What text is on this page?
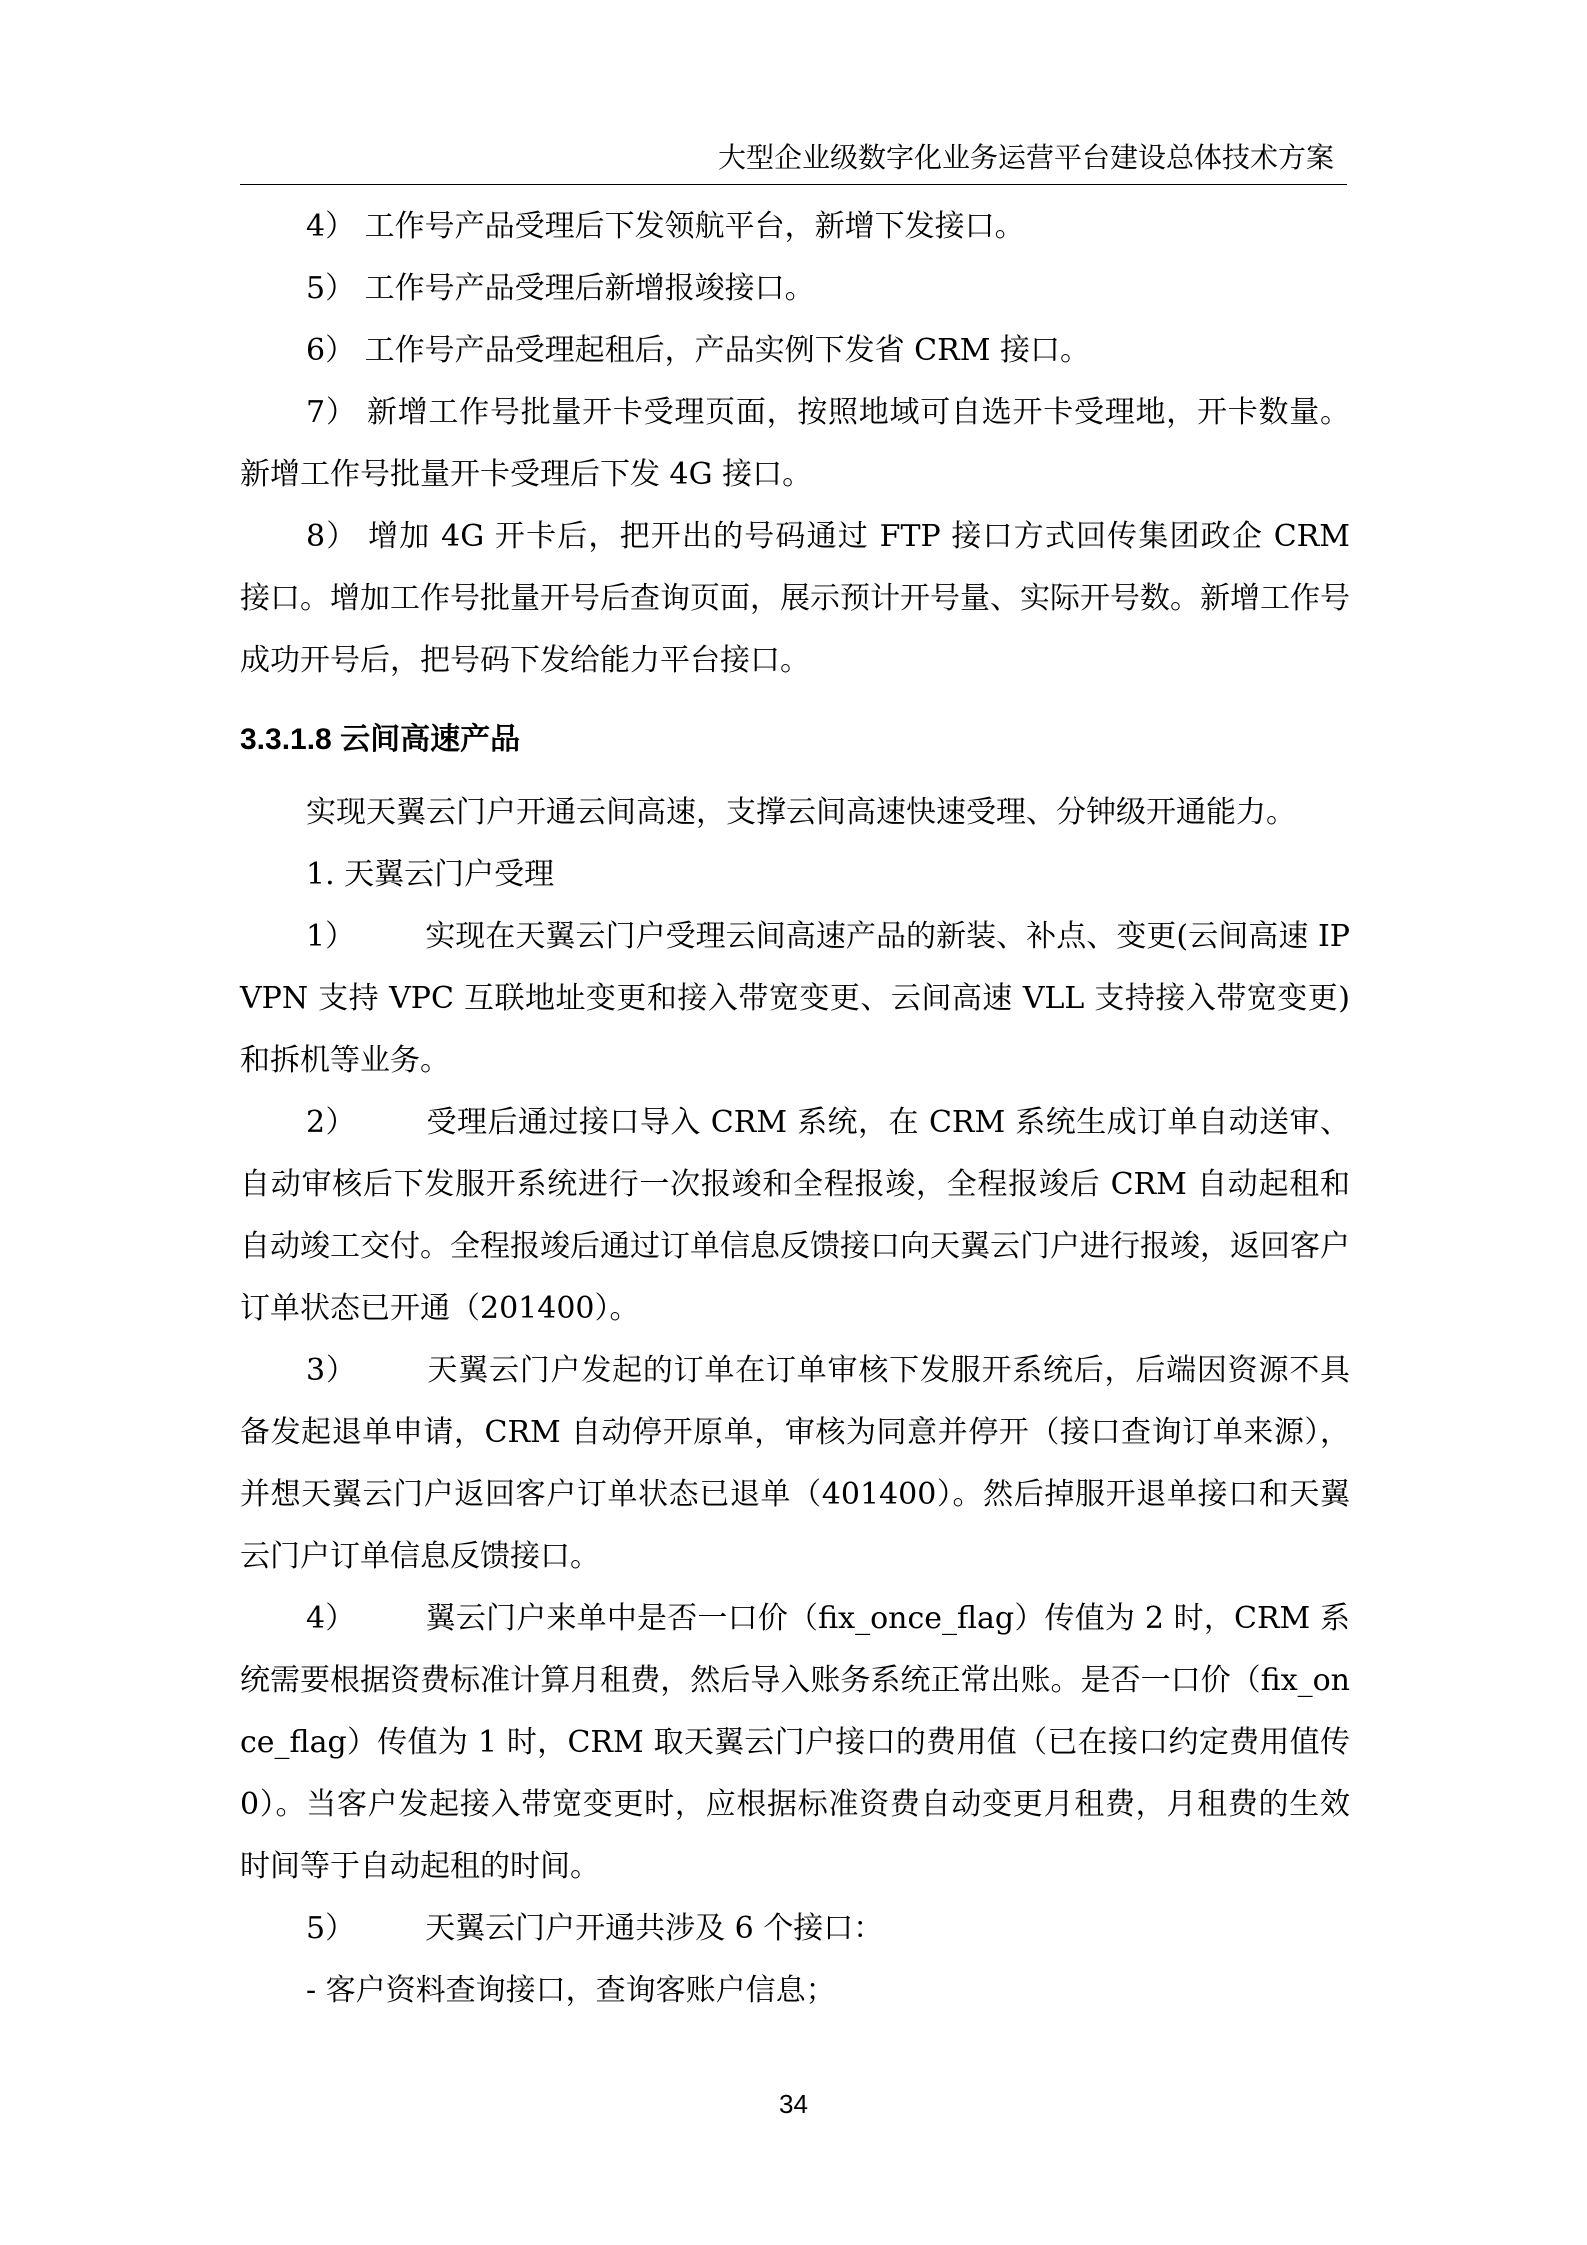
大型企业级数字化业务运营平台建设总体技术方案

4） 工作号产品受理后下发领航平台，新增下发接口。

5） 工作号产品受理后新增报竣接口。

6） 工作号产品受理起租后，产品实例下发省 CRM 接口。

7） 新增工作号批量开卡受理页面，按照地域可自选开卡受理地，开卡数量。新增工作号批量开卡受理后下发 4G 接口。

8） 增加 4G 开卡后，把开出的号码通过 FTP 接口方式回传集团政企 CRM 接口。增加工作号批量开号后查询页面，展示预计开号量、实际开号数。新增工作号成功开号后，把号码下发给能力平台接口。

3.3.1.8 云间高速产品

实现天翼云门户开通云间高速，支撑云间高速快速受理、分钟级开通能力。

1. 天翼云门户受理

1） 实现在天翼云门户受理云间高速产品的新装、补点、变更(云间高速 IPVPN 支持 VPC 互联地址变更和接入带宽变更、云间高速 VLL 支持接入带宽变更)和拆机等业务。

2） 受理后通过接口导入 CRM 系统，在 CRM 系统生成订单自动送审、自动审核后下发服开系统进行一次报竣和全程报竣，全程报竣后 CRM 自动起租和自动竣工交付。全程报竣后通过订单信息反馈接口向天翼云门户进行报竣，返回客户订单状态已开通（201400）。

3） 天翼云门户发起的订单在订单审核下发服开系统后，后端因资源不具备发起退单申请，CRM 自动停开原单，审核为同意并停开（接口查询订单来源），并想天翼云门户返回客户订单状态已退单（401400）。然后掉服开退单接口和天翼云门户订单信息反馈接口。

4） 翼云门户来单中是否一口价（fix_once_flag）传值为 2 时，CRM 系统需要根据资费标准计算月租费，然后导入账务系统正常出账。是否一口价（fix_once_flag）传值为 1 时，CRM 取天翼云门户接口的费用值（已在接口约定费用值传 0）。当客户发起接入带宽变更时，应根据标准资费自动变更月租费，月租费的生效时间等于自动起租的时间。

5） 天翼云门户开通共涉及 6 个接口：

- 客户资料查询接口，查询客账户信息；

34
